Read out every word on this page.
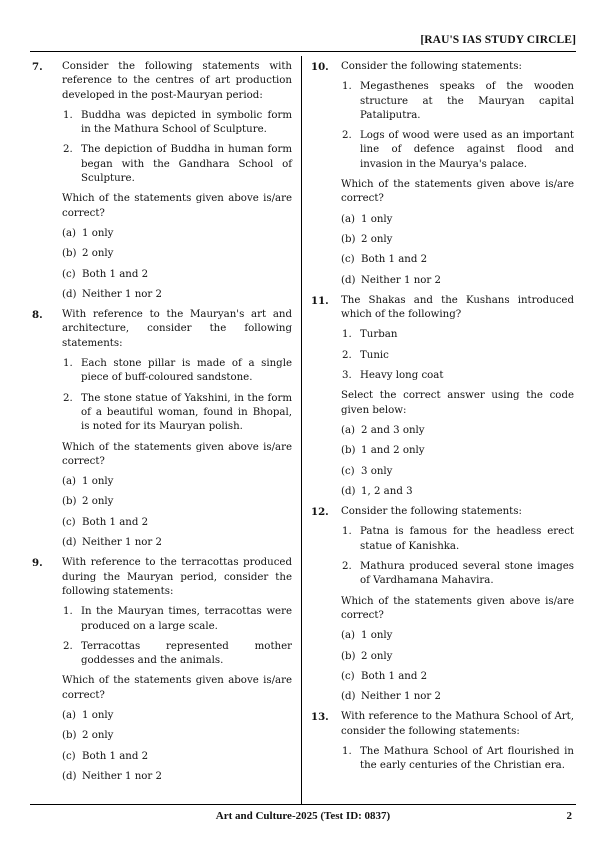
[RAU'S IAS STUDY CIRCLE]
7. Consider the following statements with reference to the centres of art production developed in the post-Mauryan period:
1. Buddha was depicted in symbolic form in the Mathura School of Sculpture.
2. The depiction of Buddha in human form began with the Gandhara School of Sculpture.
Which of the statements given above is/are correct?
(a) 1 only
(b) 2 only
(c) Both 1 and 2
(d) Neither 1 nor 2
8. With reference to the Mauryan's art and architecture, consider the following statements:
1. Each stone pillar is made of a single piece of buff-coloured sandstone.
2. The stone statue of Yakshini, in the form of a beautiful woman, found in Bhopal, is noted for its Mauryan polish.
Which of the statements given above is/are correct?
(a) 1 only
(b) 2 only
(c) Both 1 and 2
(d) Neither 1 nor 2
9. With reference to the terracottas produced during the Mauryan period, consider the following statements:
1. In the Mauryan times, terracottas were produced on a large scale.
2. Terracottas represented mother goddesses and the animals.
Which of the statements given above is/are correct?
(a) 1 only
(b) 2 only
(c) Both 1 and 2
(d) Neither 1 nor 2
10. Consider the following statements:
1. Megasthenes speaks of the wooden structure at the Mauryan capital Pataliputra.
2. Logs of wood were used as an important line of defence against flood and invasion in the Maurya's palace.
Which of the statements given above is/are correct?
(a) 1 only
(b) 2 only
(c) Both 1 and 2
(d) Neither 1 nor 2
11. The Shakas and the Kushans introduced which of the following?
1. Turban
2. Tunic
3. Heavy long coat
Select the correct answer using the code given below:
(a) 2 and 3 only
(b) 1 and 2 only
(c) 3 only
(d) 1, 2 and 3
12. Consider the following statements:
1. Patna is famous for the headless erect statue of Kanishka.
2. Mathura produced several stone images of Vardhamana Mahavira.
Which of the statements given above is/are correct?
(a) 1 only
(b) 2 only
(c) Both 1 and 2
(d) Neither 1 nor 2
13. With reference to the Mathura School of Art, consider the following statements:
1. The Mathura School of Art flourished in the early centuries of the Christian era.
Art and Culture-2025 (Test ID: 0837)	2
